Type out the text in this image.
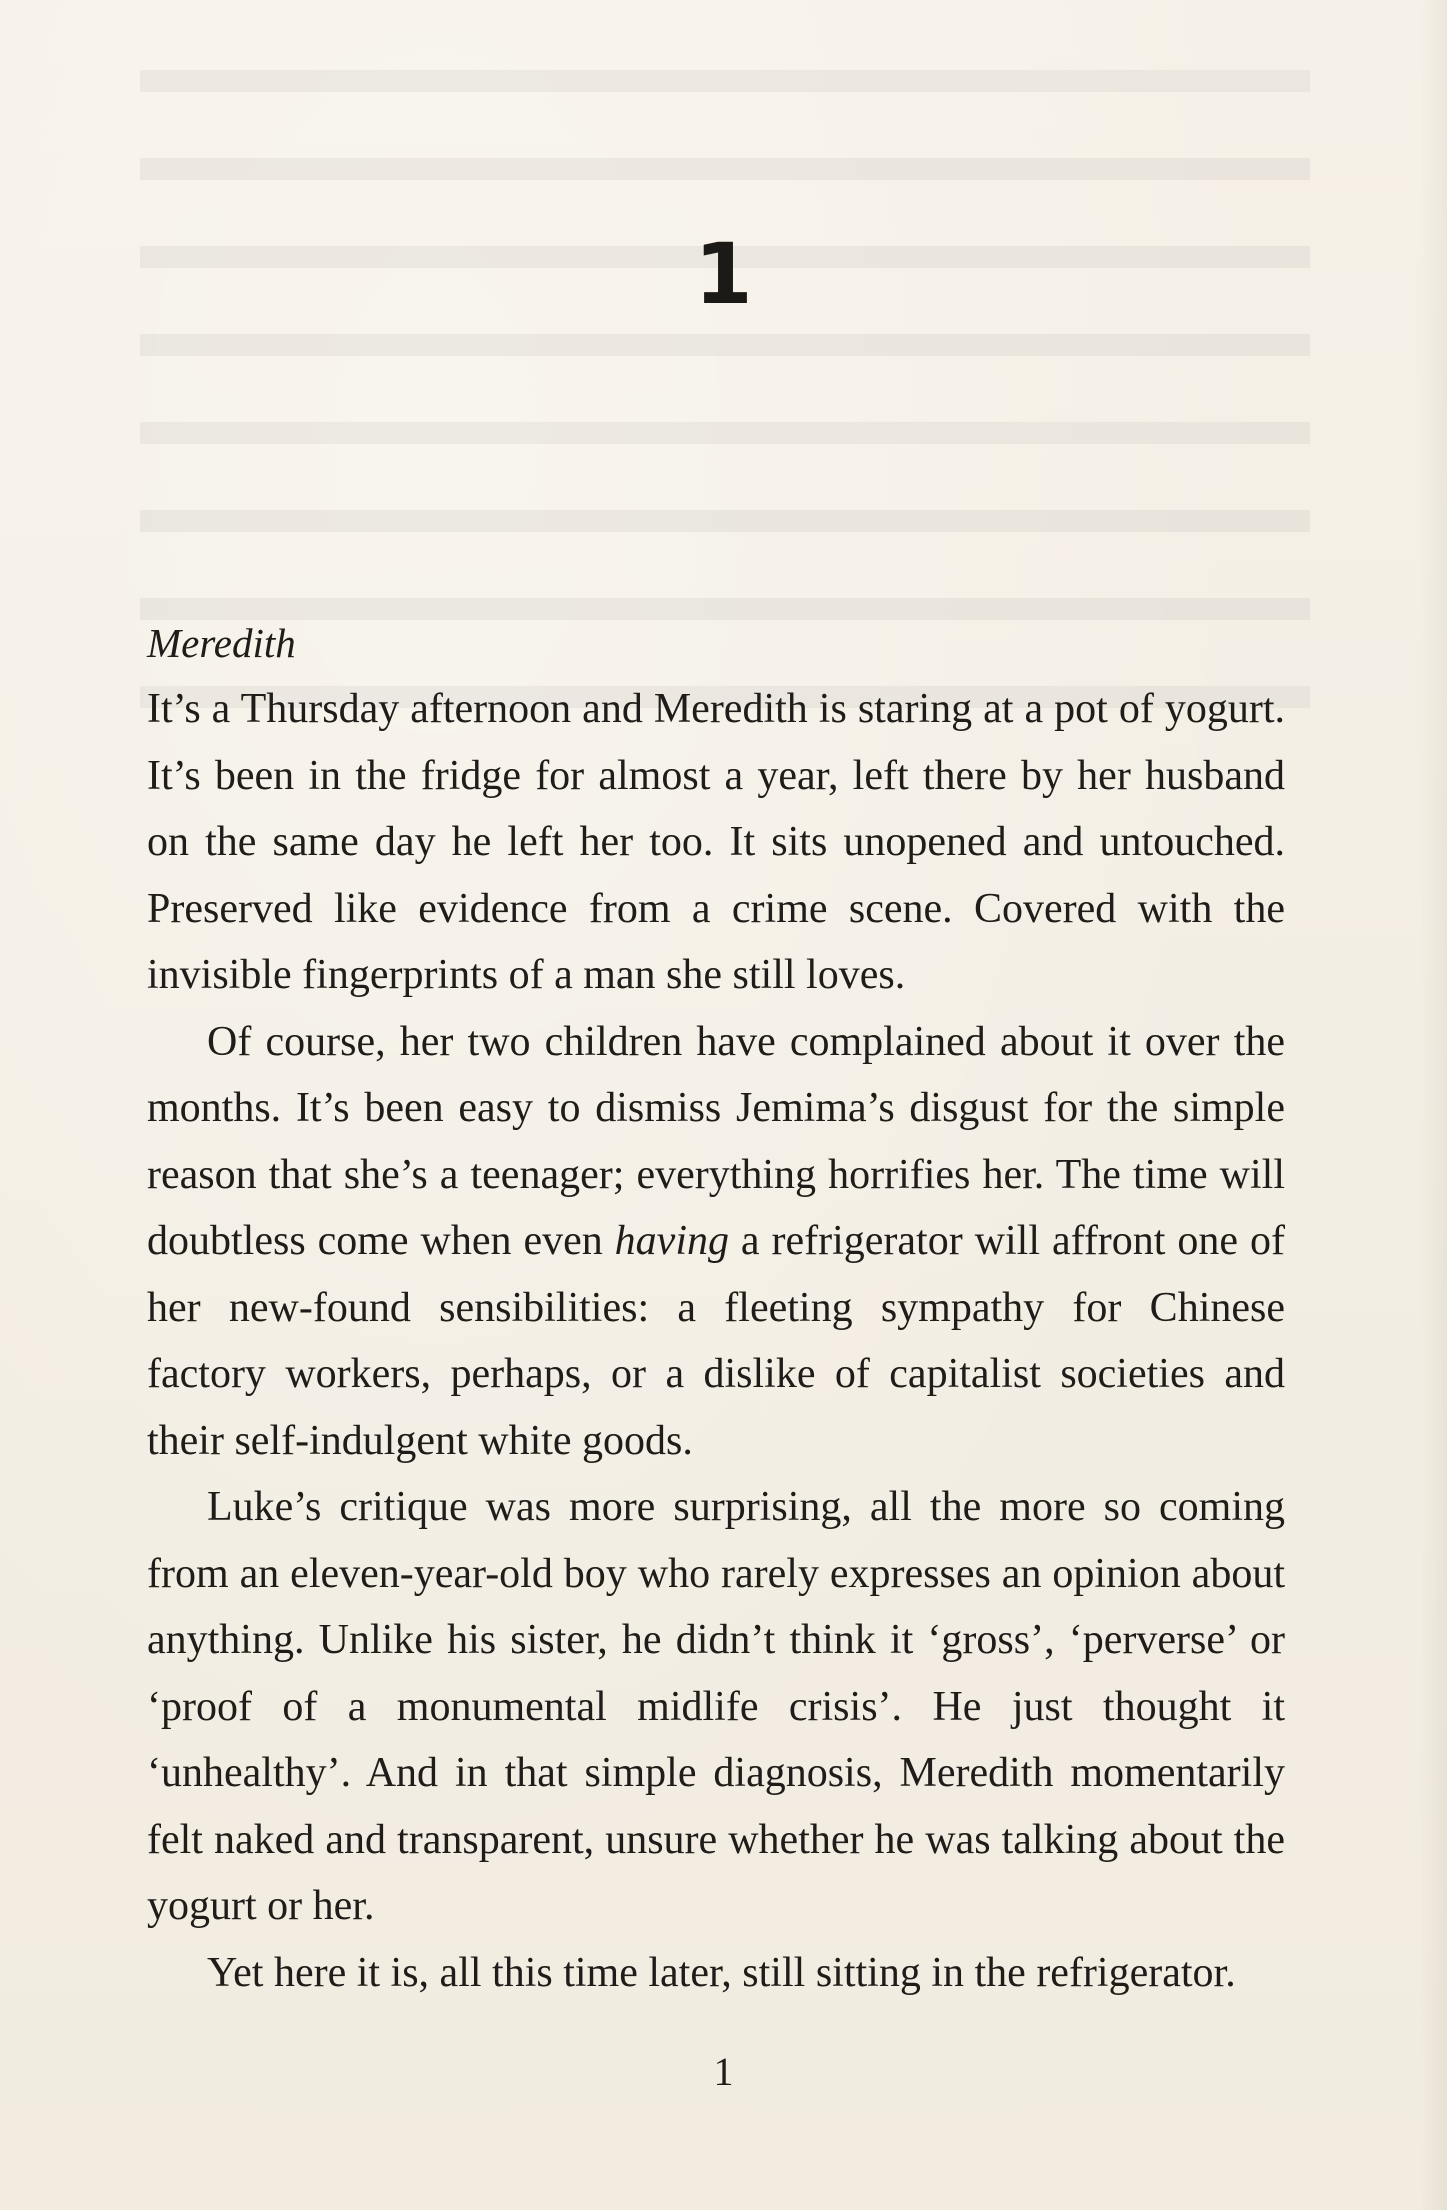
1
Meredith

It’s a Thursday afternoon and Meredith is staring at a pot of yogurt. It’s been in the fridge for almost a year, left there by her husband on the same day he left her too. It sits unopened and untouched. Preserved like evidence from a crime scene. Covered with the invisible fingerprints of a man she still loves.

Of course, her two children have complained about it over the months. It’s been easy to dismiss Jemima’s disgust for the simple reason that she’s a teenager; everything horrifies her. The time will doubtless come when even having a refrigerator will affront one of her new-found sensibilities: a fleeting sympathy for Chinese factory workers, perhaps, or a dislike of capitalist societies and their self-indulgent white goods.

Luke’s critique was more surprising, all the more so coming from an eleven-year-old boy who rarely expresses an opinion about anything. Unlike his sister, he didn’t think it ‘gross’, ‘perverse’ or ‘proof of a monumental midlife crisis’. He just thought it ‘unhealthy’. And in that simple diagnosis, Meredith momentarily felt naked and transparent, unsure whether he was talking about the yogurt or her.

Yet here it is, all this time later, still sitting in the refrigerator.

1
